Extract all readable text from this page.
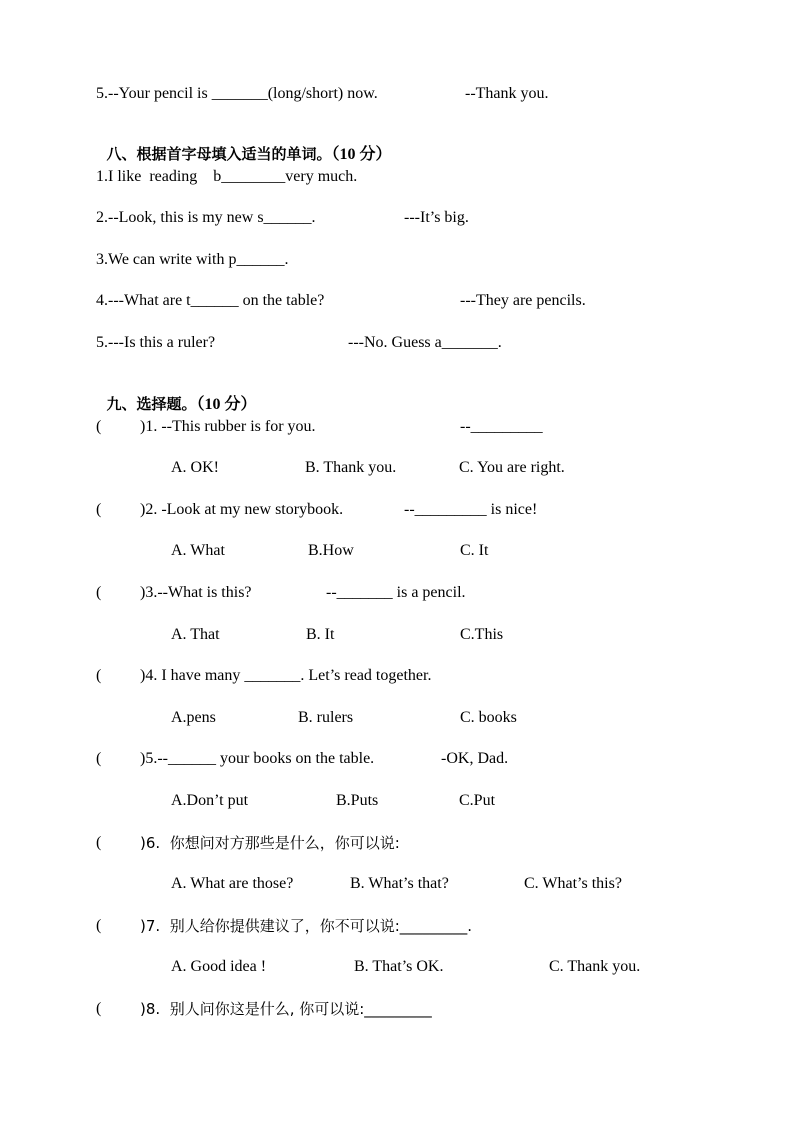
5.--Your pencil is _______(long/short) now.	--Thank you.

八、根据首字母填入适当的单词。（10 分）

1.I like  reading    b________very much.
2.--Look, this is my new s______.	---It’s big.
3.We can write with p______.
4.---What are t______ on the table?	---They are pencils.
5.---Is this a ruler?	---No. Guess a_______.

九、选择题。（10 分）

( )1. --This rubber is for you.	--_________
A. OK!	B. Thank you.	C. You are right.
( )2. -Look at my new storybook.	--_________ is nice!
A. What	B.How	C. It
( )3.--What is this?	--_______ is a pencil.
A. That	B. It	C.This
( )4. I have many _______. Let’s read together.
A.pens	B. rulers	C. books
( )5.--______ your books on the table.	-OK, Dad.
A.Don’t put	B.Puts	C.Put
(	)6.  你想问对方那些是什么，你可以说:
A. What are those?	B. What’s that?	C. What’s this?
(	)7.  别人给你提供建议了，你不可以说:_________.
A. Good idea !	B. That’s OK.	C. Thank you.
(	)8.  别人问你这是什么, 你可以说:_________
